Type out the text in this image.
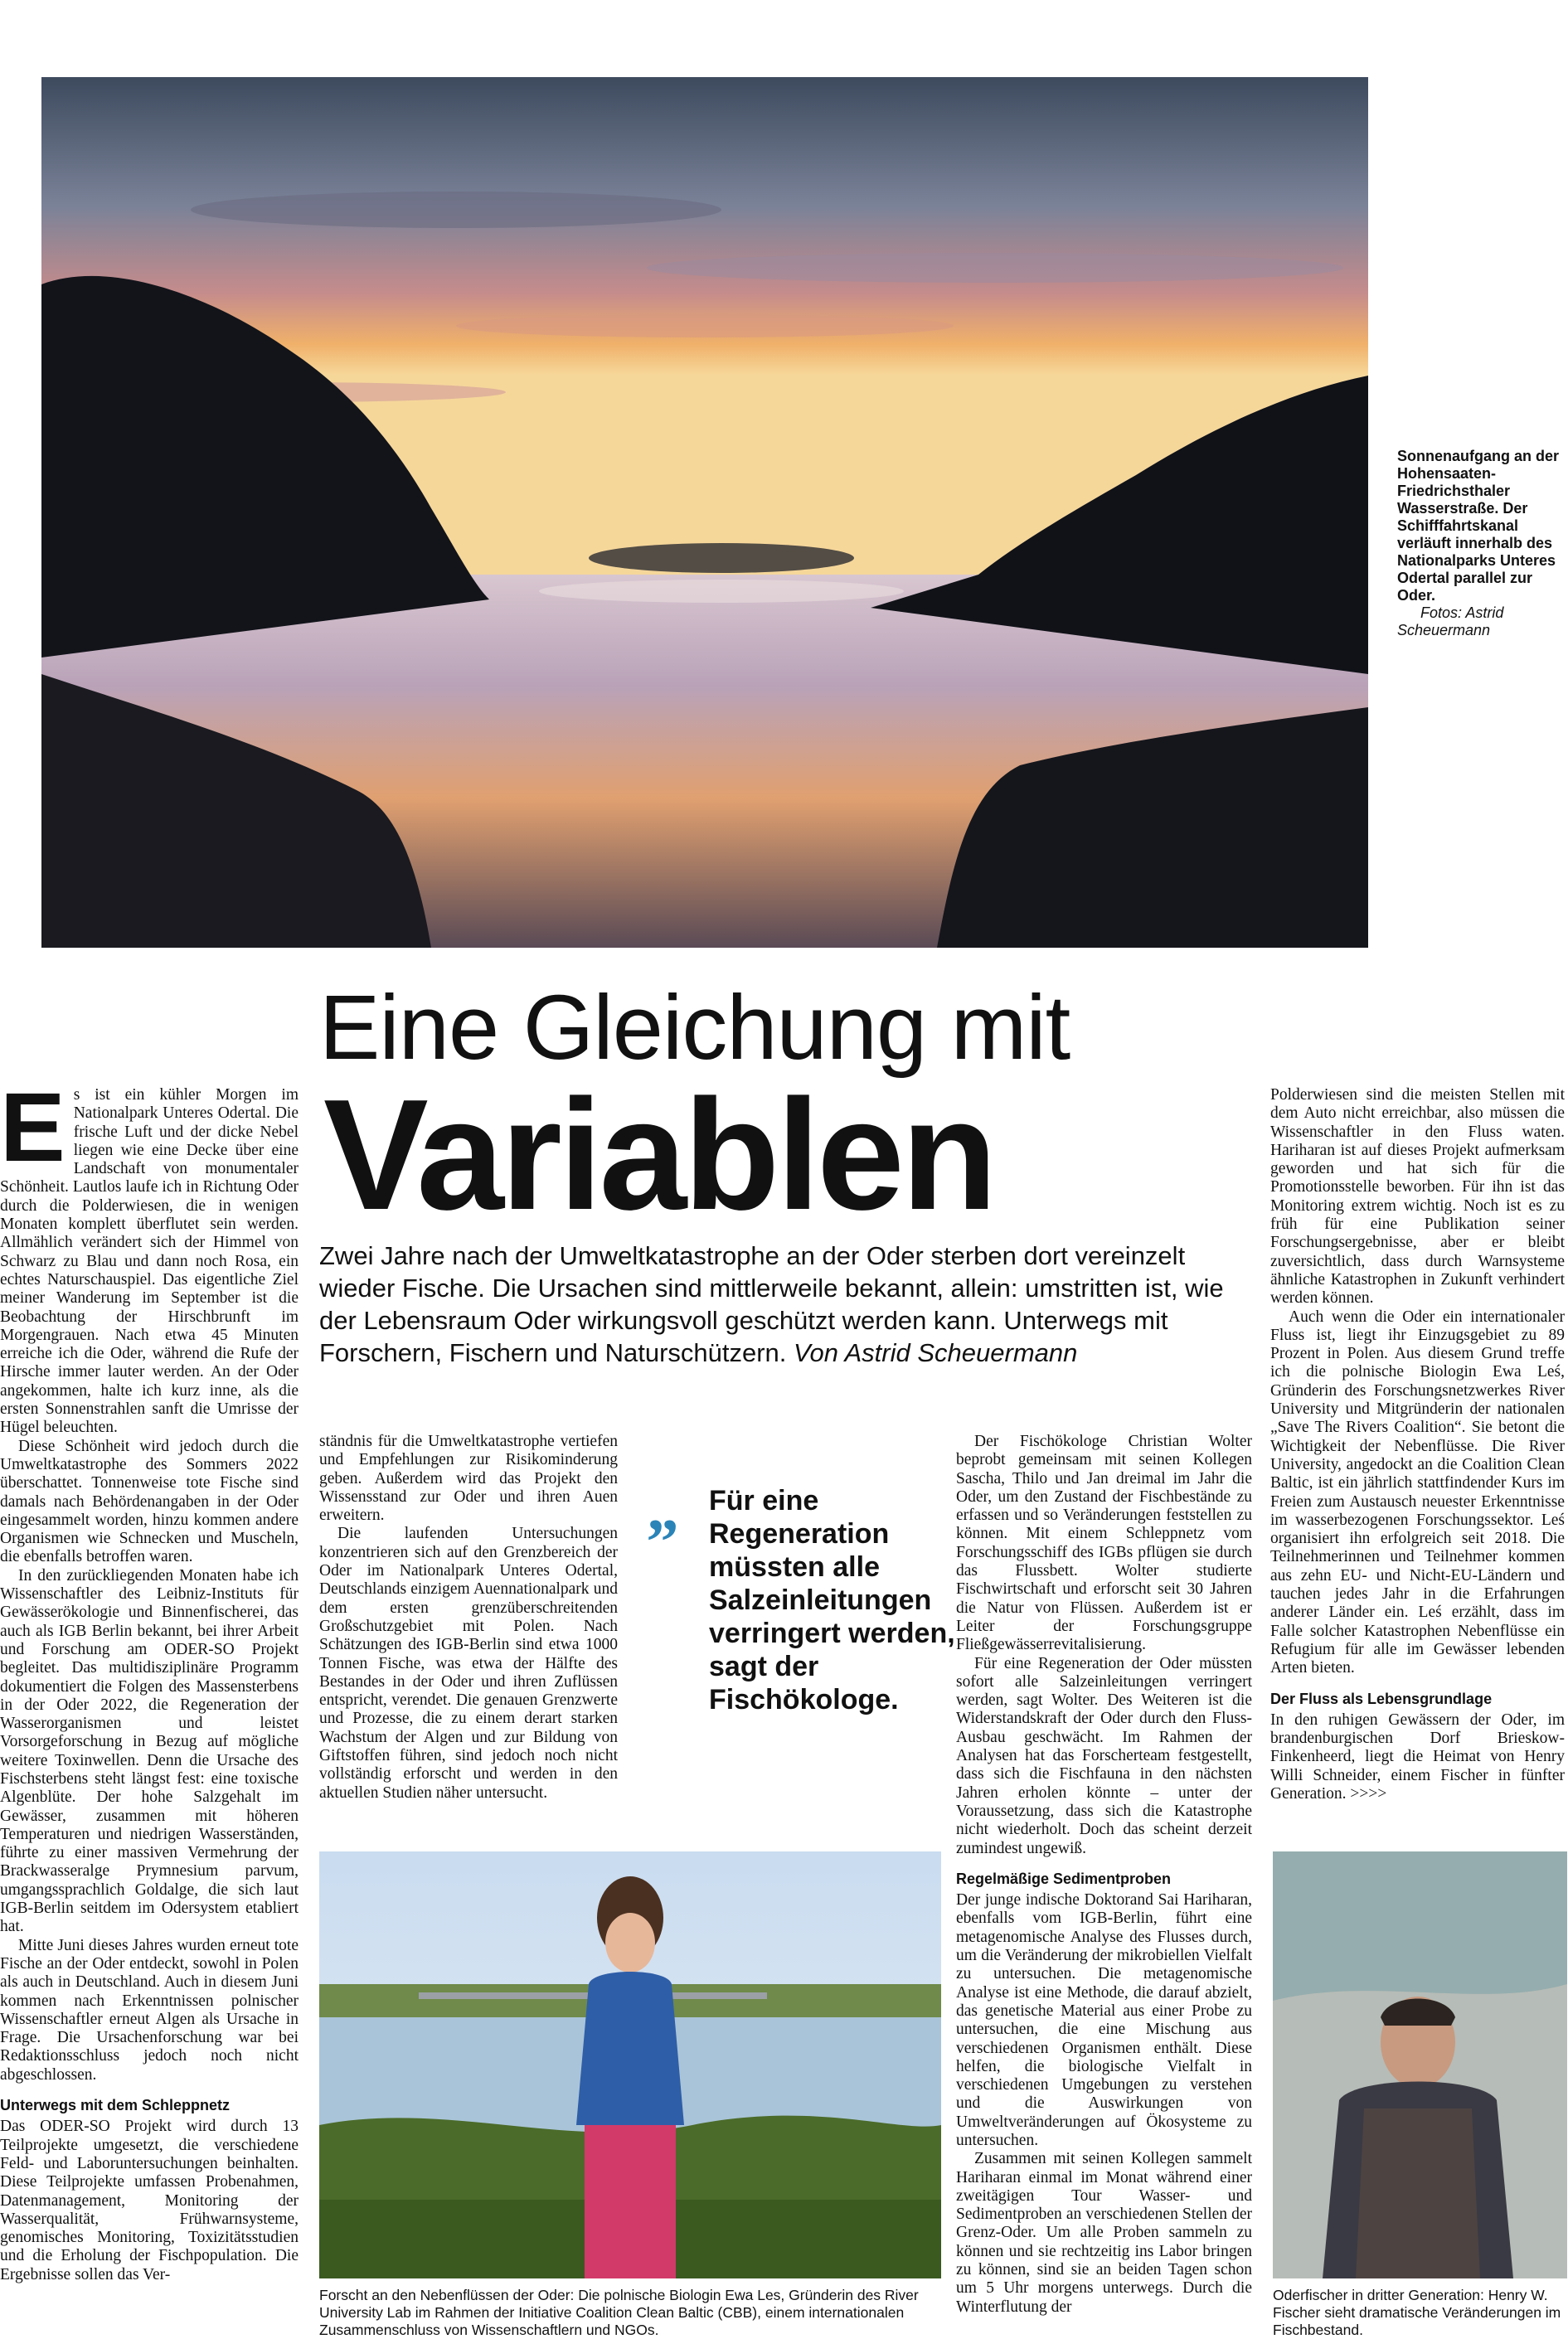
Sonnenaufgang an der Hohensaaten-Friedrichsthaler Wasserstraße. Der Schifffahrtskanal verläuft innerhalb des Nationalparks Unteres Odertal parallel zur Oder.
Fotos: Astrid Scheuermann
Eine Gleichung mit
Variablen
Zwei Jahre nach der Umweltkatastrophe an der Oder sterben dort vereinzelt wieder Fische. Die Ursachen sind mittlerweile bekannt, allein: umstritten ist, wie der Lebensraum Oder wirkungsvoll geschützt werden kann. Unterwegs mit Forschern, Fischern und Naturschützern. Von Astrid Scheuermann

Es ist ein kühler Morgen im Nationalpark Unteres Odertal. Die frische Luft und der dicke Nebel liegen wie eine Decke über eine Landschaft von monumentaler Schönheit. Lautlos laufe ich in Richtung Oder durch die Polderwiesen, die in wenigen Monaten komplett überflutet sein werden. Allmählich verändert sich der Himmel von Schwarz zu Blau und dann noch Rosa, ein echtes Naturschauspiel. Das eigentliche Ziel meiner Wanderung im September ist die Beobachtung der Hirschbrunft im Morgengrauen. Nach etwa 45 Minuten erreiche ich die Oder, während die Rufe der Hirsche immer lauter werden. An der Oder angekommen, halte ich kurz inne, als die ersten Sonnenstrahlen sanft die Umrisse der Hügel beleuchten.

Diese Schönheit wird jedoch durch die Umweltkatastrophe des Sommers 2022 überschattet. Tonnenweise tote Fische sind damals nach Behördenangaben in der Oder eingesammelt worden, hinzu kommen andere Organismen wie Schnecken und Muscheln, die ebenfalls betroffen waren.

In den zurückliegenden Monaten habe ich Wissenschaftler des Leibniz-Instituts für Gewässerökologie und Binnenfischerei, das auch als IGB Berlin bekannt, bei ihrer Arbeit und Forschung am ODER-SO Projekt begleitet. Das multidisziplinäre Programm dokumentiert die Folgen des Massensterbens in der Oder 2022, die Regeneration der Wasserorganismen und leistet Vorsorgeforschung in Bezug auf mögliche weitere Toxinwellen. Denn die Ursache des Fischsterbens steht längst fest: eine toxische Algenblüte. Der hohe Salzgehalt im Gewässer, zusammen mit höheren Temperaturen und niedrigen Wasserständen, führte zu einer massiven Vermehrung der Brackwasseralge Prymnesium parvum, umgangssprachlich Goldalge, die sich laut IGB-Berlin seitdem im Odersystem etabliert hat.

Mitte Juni dieses Jahres wurden erneut tote Fische an der Oder entdeckt, sowohl in Polen als auch in Deutschland. Auch in diesem Juni kommen nach Erkenntnissen polnischer Wissenschaftler erneut Algen als Ursache in Frage. Die Ursachenforschung war bei Redaktionsschluss jedoch noch nicht abgeschlossen.

Unterwegs mit dem Schleppnetz

Das ODER-SO Projekt wird durch 13 Teilprojekte umgesetzt, die verschiedene Feld- und Laboruntersuchungen beinhalten. Diese Teilprojekte umfassen Probenahmen, Datenmanagement, Monitoring der Wasserqualität, Frühwarnsysteme, genomisches Monitoring, Toxizitätsstudien und die Erholung der Fischpopulation. Die Ergebnisse sollen das Ver-

ständnis für die Umweltkatastrophe vertiefen und Empfehlungen zur Risikominderung geben. Außerdem wird das Projekt den Wissensstand zur Oder und ihren Auen erweitern.

Die laufenden Untersuchungen konzentrieren sich auf den Grenzbereich der Oder im Nationalpark Unteres Odertal, Deutschlands einzigem Auennationalpark und dem ersten grenzüberschreitenden Großschutzgebiet mit Polen. Nach Schätzungen des IGB-Berlin sind etwa 1000 Tonnen Fische, was etwa der Hälfte des Bestandes in der Oder und ihren Zuflüssen entspricht, verendet. Die genauen Grenzwerte und Prozesse, die zu einem derart starken Wachstum der Algen und zur Bildung von Giftstoffen führen, sind jedoch noch nicht vollständig erforscht und werden in den aktuellen Studien näher untersucht.

„ Für eine Regeneration müssten alle Salzeinleitungen verringert werden, sagt der Fischökologe.

Der Fischökologe Christian Wolter beprobt gemeinsam mit seinen Kollegen Sascha, Thilo und Jan dreimal im Jahr die Oder, um den Zustand der Fischbestände zu erfassen und so Veränderungen feststellen zu können. Mit einem Schleppnetz vom Forschungsschiff des IGBs pflügen sie durch das Flussbett. Wolter studierte Fischwirtschaft und erforscht seit 30 Jahren die Natur von Flüssen. Außerdem ist er Leiter der Forschungsgruppe Fließgewässerrevitalisierung.

Für eine Regeneration der Oder müssten sofort alle Salzeinleitungen verringert werden, sagt Wolter. Des Weiteren ist die Widerstandskraft der Oder durch den Fluss-Ausbau geschwächt. Im Rahmen der Analysen hat das Forscherteam festgestellt, dass sich die Fischfauna in den nächsten Jahren erholen könnte – unter der Voraussetzung, dass sich die Katastrophe nicht wiederholt. Doch das scheint derzeit zumindest ungewiß.

Regelmäßige Sedimentproben

Der junge indische Doktorand Sai Hariharan, ebenfalls vom IGB-Berlin, führt eine metagenomische Analyse des Flusses durch, um die Veränderung der mikrobiellen Vielfalt zu untersuchen. Die metagenomische Analyse ist eine Methode, die darauf abzielt, das genetische Material aus einer Probe zu untersuchen, die eine Mischung aus verschiedenen Organismen enthält. Diese helfen, die biologische Vielfalt in verschiedenen Umgebungen zu verstehen und die Auswirkungen von Umweltveränderungen auf Ökosysteme zu untersuchen.

Zusammen mit seinen Kollegen sammelt Hariharan einmal im Monat während einer zweitägigen Tour Wasser- und Sedimentproben an verschiedenen Stellen der Grenz-Oder. Um alle Proben sammeln zu können und sie rechtzeitig ins Labor bringen zu können, sind sie an beiden Tagen schon um 5 Uhr morgens unterwegs. Durch die Winterflutung der

Polderwiesen sind die meisten Stellen mit dem Auto nicht erreichbar, also müssen die Wissenschaftler in den Fluss waten. Hariharan ist auf dieses Projekt aufmerksam geworden und hat sich für die Promotionsstelle beworben. Für ihn ist das Monitoring extrem wichtig. Noch ist es zu früh für eine Publikation seiner Forschungsergebnisse, aber er bleibt zuversichtlich, dass durch Warnsysteme ähnliche Katastrophen in Zukunft verhindert werden können.

Auch wenn die Oder ein internationaler Fluss ist, liegt ihr Einzugsgebiet zu 89 Prozent in Polen. Aus diesem Grund treffe ich die polnische Biologin Ewa Leś, Gründerin des Forschungsnetzwerkes River University und Mitgründerin der nationalen „Save The Rivers Coalition“. Sie betont die Wichtigkeit der Nebenflüsse. Die River University, angedockt an die Coalition Clean Baltic, ist ein jährlich stattfindender Kurs im Freien zum Austausch neuester Erkenntnisse im wasserbezogenen Forschungssektor. Leś organisiert ihn erfolgreich seit 2018. Die Teilnehmerinnen und Teilnehmer kommen aus zehn EU- und Nicht-EU-Ländern und tauchen jedes Jahr in die Erfahrungen anderer Länder ein. Leś erzählt, dass im Falle solcher Katastrophen Nebenflüsse ein Refugium für alle im Gewässer lebenden Arten bieten.

Der Fluss als Lebensgrundlage

In den ruhigen Gewässern der Oder, im brandenburgischen Dorf Brieskow-Finkenheerd, liegt die Heimat von Henry Willi Schneider, einem Fischer in fünfter Generation. >>>>

Forscht an den Nebenflüssen der Oder: Die polnische Biologin Ewa Les, Gründerin des River University Lab im Rahmen der Initiative Coalition Clean Baltic (CBB), einem internationalen Zusammenschluss von Wissenschaftlern und NGOs.
Oderfischer in dritter Generation: Henry W. Fischer sieht dramatische Veränderungen im Fischbestand.
